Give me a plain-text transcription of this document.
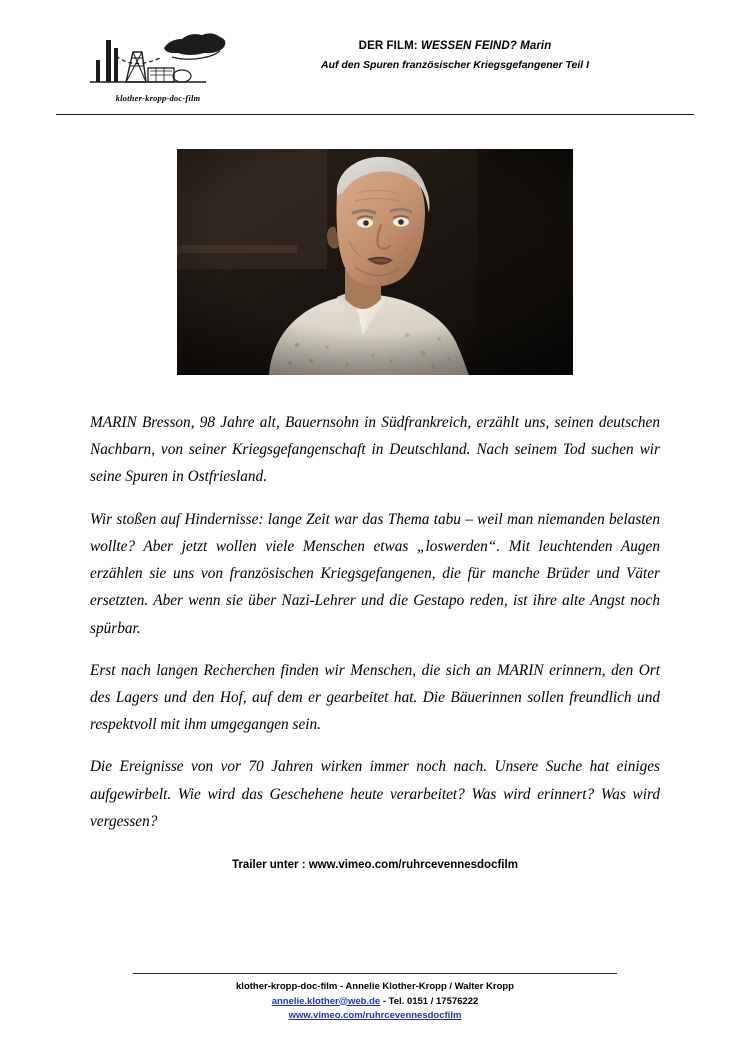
klother-kropp-doc-film
DER FILM: WESSEN FEIND? Marin
Auf den Spuren französischer Kriegsgefangener Teil I

MARIN Bresson, 98 Jahre alt, Bauernsohn in Südfrankreich, erzählt uns, seinen deutschen Nachbarn, von seiner Kriegsgefangenschaft in Deutschland. Nach seinem Tod suchen wir seine Spuren in Ostfriesland.

Wir stoßen auf Hindernisse: lange Zeit war das Thema tabu – weil man niemanden belasten wollte? Aber jetzt wollen viele Menschen etwas „loswerden“. Mit leuchtenden Augen erzählen sie uns von französischen Kriegsgefangenen, die für manche Brüder und Väter ersetzten. Aber wenn sie über Nazi-Lehrer und die Gestapo reden, ist ihre alte Angst noch spürbar.

Erst nach langen Recherchen finden wir Menschen, die sich an MARIN erinnern, den Ort des Lagers und den Hof, auf dem er gearbeitet hat. Die Bäuerinnen sollen freundlich und respektvoll mit ihm umgegangen sein.

Die Ereignisse von vor 70 Jahren wirken immer noch nach. Unsere Suche hat einiges aufgewirbelt. Wie wird das Geschehene heute verarbeitet? Was wird erinnert? Was wird vergessen?

Trailer unter : www.vimeo.com/ruhrcevennesdocfilm
klother-kropp-doc-film - Annelie Klother-Kropp / Walter Kropp
annelie.klother@web.de - Tel. 0151 / 17576222
www.vimeo.com/ruhrcevennesdocfilm
